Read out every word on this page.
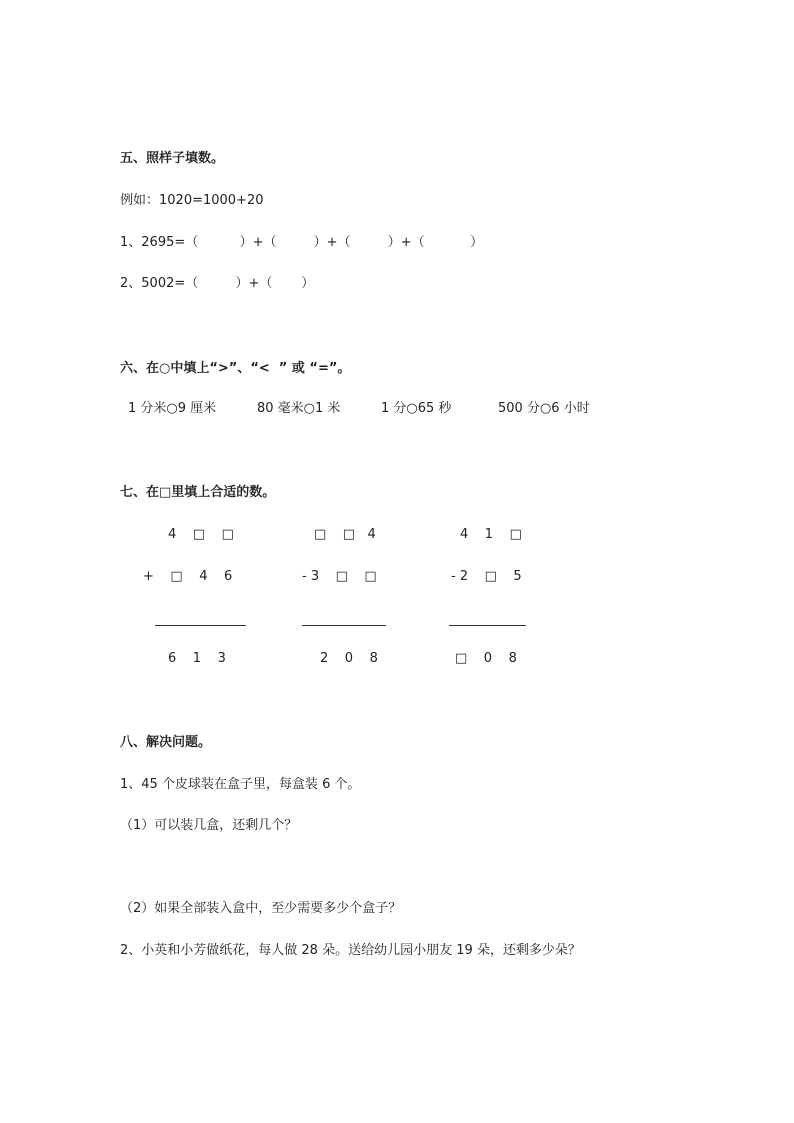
五、照样子填数。
例如：1020=1000+20
1、2695=（          ）+（         ）+（         ）+（           ）
2、5002=（         ）+（       ）
六、在○中填上“>”、“<  ” 或 “=”。
1 分米○9 厘米	80 毫米○1 米	1 分○65 秒	500 分○6 小时
七、在□里填上合适的数。
4    □    □
+    □    4    6
6    1    3
□    □   4
- 3    □    □
2    0    8
4    1    □
- 2    □    5
□    0    8
八、解决问题。
1、45 个皮球装在盒子里，每盒装 6 个。
（1）可以装几盒，还剩几个？
（2）如果全部装入盒中，至少需要多少个盒子？
2、小英和小芳做纸花，每人做 28 朵。送给幼儿园小朋友 19 朵，还剩多少朵？
